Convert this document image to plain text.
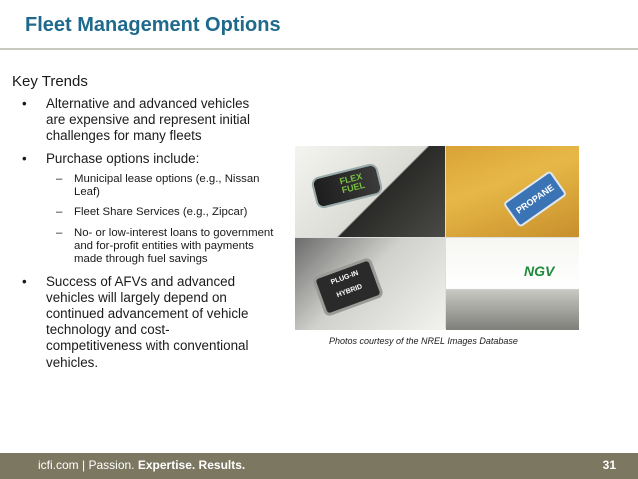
Fleet Management Options
Key Trends
• Alternative and advanced vehicles are expensive and represent initial challenges for many fleets
• Purchase options include:
– Municipal lease options (e.g., Nissan Leaf)
– Fleet Share Services (e.g., Zipcar)
– No- or low-interest loans to government and for-profit entities with payments made through fuel savings
• Success of AFVs and advanced vehicles will largely depend on continued advancement of vehicle technology and cost-competitiveness with conventional vehicles.
FLEX FUEL	PROPANE
PLUG-IN HYBRID
NGV
Photos courtesy of the NREL Images Database
icfi.com | Passion. Expertise. Results.	31
